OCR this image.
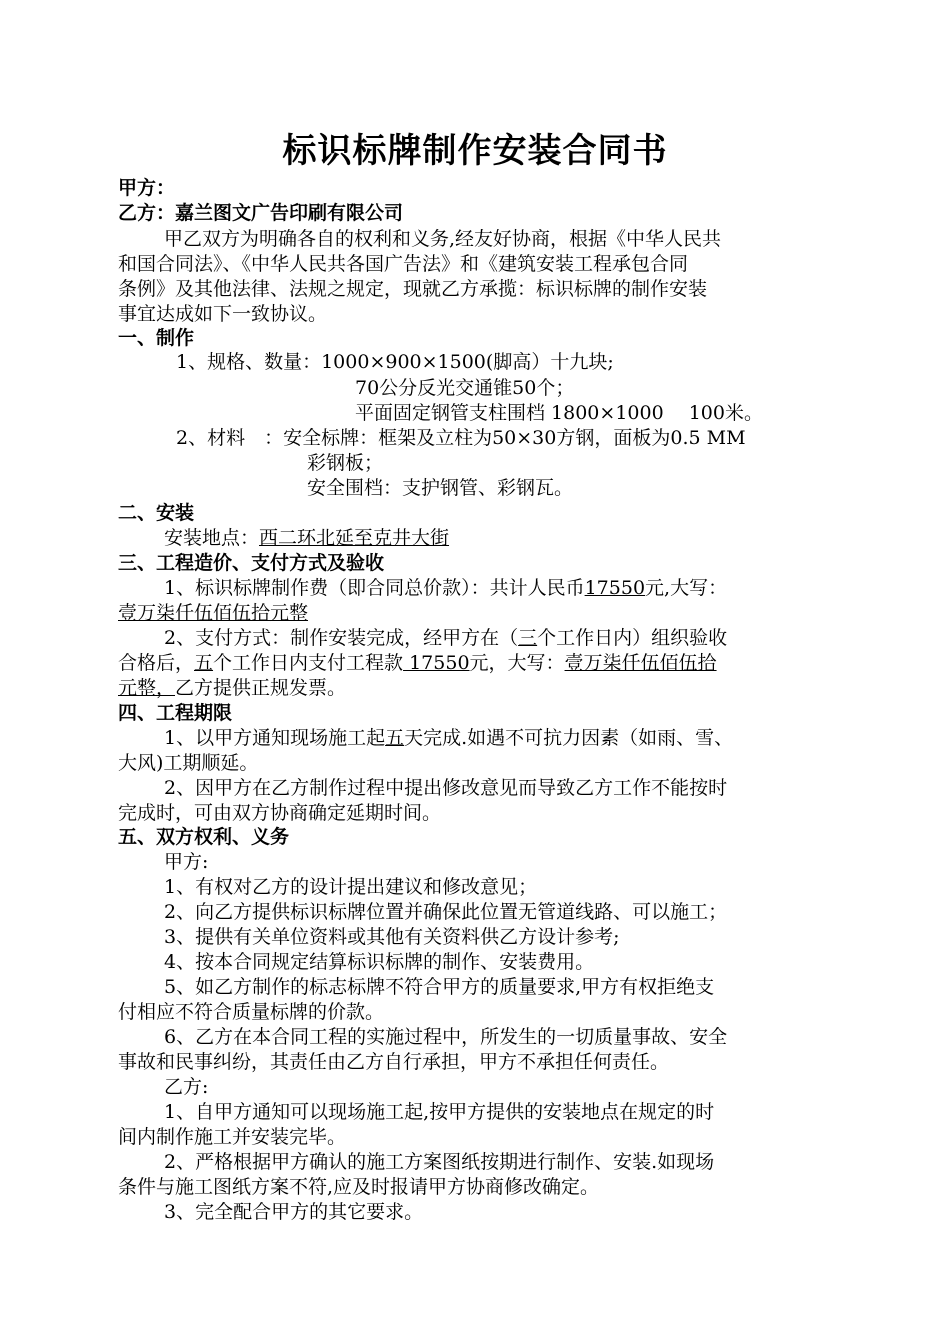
标识标牌制作安装合同书
甲方：
乙方：嘉兰图文广告印刷有限公司
甲乙双方为明确各自的权利和义务,经友好协商，根据《中华人民共
和国合同法》、《中华人民共各国广告法》和《建筑安装工程承包合同
条例》及其他法律、法规之规定，现就乙方承揽：标识标牌的制作安装
事宜达成如下一致协议。
一、制作
1、规格、数量：1000×900×1500(脚高）十九块;
70公分反光交通锥50个；
平面固定钢管支柱围档 1800×1000　 100米。
2、材料　：安全标牌：框架及立柱为50×30方钢，面板为0.5 MM
彩钢板；
安全围档：支护钢管、彩钢瓦。
二、安装
安装地点：西二环北延至克井大街
三、工程造价、支付方式及验收
1、标识标牌制作费（即合同总价款）：共计人民币17550元,大写：
壹万柒仟伍佰伍拾元整
2、支付方式：制作安装完成，经甲方在（三个工作日内）组织验收
合格后，五个工作日内支付工程款 17550元，大写：壹万柒仟伍佰伍拾
元整，乙方提供正规发票。
四、工程期限
1、以甲方通知现场施工起五天完成.如遇不可抗力因素（如雨、雪、
大风)工期顺延。
2、因甲方在乙方制作过程中提出修改意见而导致乙方工作不能按时
完成时，可由双方协商确定延期时间。
五、双方权利、义务
甲方:
1、有权对乙方的设计提出建议和修改意见；
2、向乙方提供标识标牌位置并确保此位置无管道线路、可以施工；
3、提供有关单位资料或其他有关资料供乙方设计参考;
4、按本合同规定结算标识标牌的制作、安装费用。
5、如乙方制作的标志标牌不符合甲方的质量要求,甲方有权拒绝支
付相应不符合质量标牌的价款。
6、乙方在本合同工程的实施过程中，所发生的一切质量事故、安全
事故和民事纠纷，其责任由乙方自行承担，甲方不承担任何责任。
乙方:
1、自甲方通知可以现场施工起,按甲方提供的安装地点在规定的时
间内制作施工并安装完毕。
2、严格根据甲方确认的施工方案图纸按期进行制作、安装.如现场
条件与施工图纸方案不符,应及时报请甲方协商修改确定。
3、完全配合甲方的其它要求。
